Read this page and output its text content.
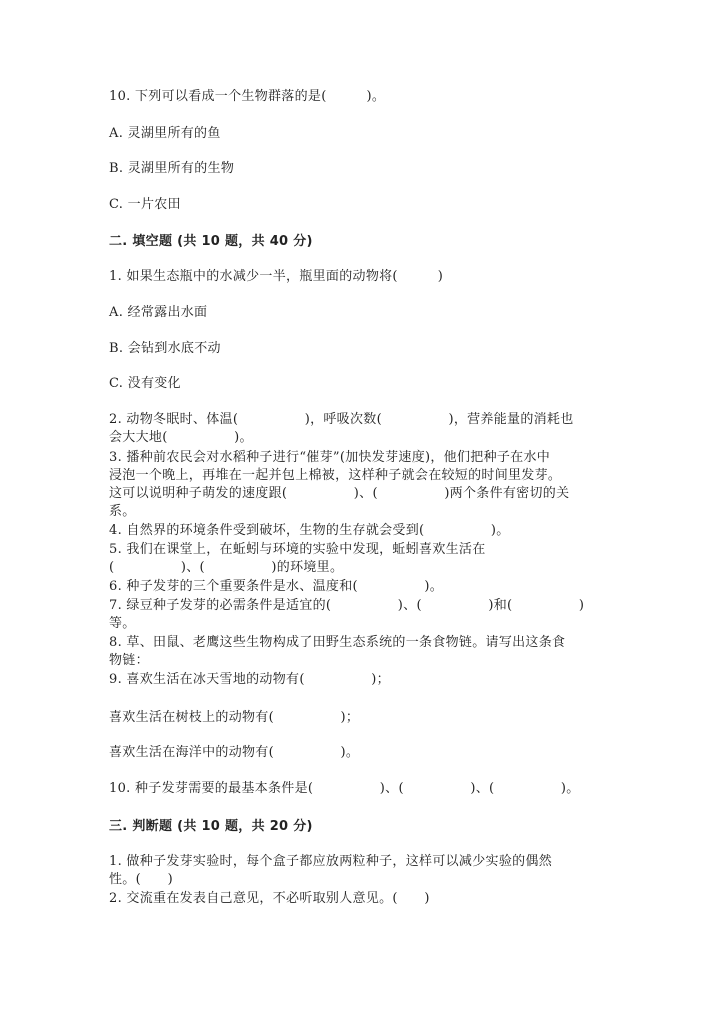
10. 下列可以看成一个生物群落的是(　　　)。
A. 灵湖里所有的鱼
B. 灵湖里所有的生物
C. 一片农田
二. 填空题 (共 10 题，共 40 分)
1. 如果生态瓶中的水减少一半，瓶里面的动物将(　　　)
A. 经常露出水面
B. 会钻到水底不动
C. 没有变化
2. 动物冬眠时、体温(　　　　　)，呼吸次数(　　　　　)，营养能量的消耗也
会大大地(　　　　　)。
3. 播种前农民会对水稻种子进行“催芽”(加快发芽速度)，他们把种子在水中
浸泡一个晚上，再堆在一起并包上棉被，这样种子就会在较短的时间里发芽。
这可以说明种子萌发的速度跟(　　　　　)、(　　　　　)两个条件有密切的关
系。
4. 自然界的环境条件受到破坏，生物的生存就会受到(　　　　　)。
5. 我们在课堂上，在蚯蚓与环境的实验中发现，蚯蚓喜欢生活在
(　　　　　)、(　　　　　)的环境里。
6. 种子发芽的三个重要条件是水、温度和(　　　　　)。
7. 绿豆种子发芽的必需条件是适宜的(　　　　　)、(　　　　　)和(　　　　　)
等。
8. 草、田鼠、老鹰这些生物构成了田野生态系统的一条食物链。请写出这条食
物链：
9. 喜欢生活在冰天雪地的动物有(　　　　　)；
喜欢生活在树枝上的动物有(　　　　　)；
喜欢生活在海洋中的动物有(　　　　　)。
10. 种子发芽需要的最基本条件是(　　　　　)、(　　　　　)、(　　　　　)。
三. 判断题 (共 10 题，共 20 分)
1. 做种子发芽实验时，每个盒子都应放两粒种子，这样可以减少实验的偶然
性。(　　)
2. 交流重在发表自己意见，不必听取别人意见。(　　)
